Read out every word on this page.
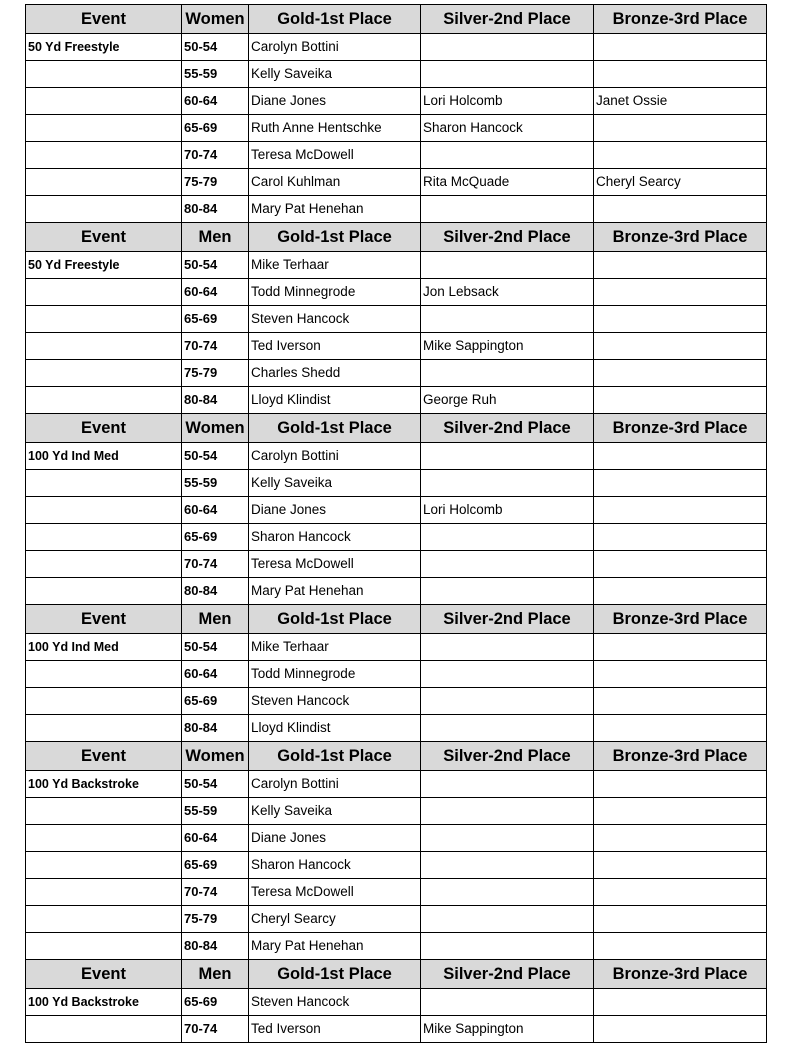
Event	Women	Gold-1st Place	Silver-2nd Place	Bronze-3rd Place
50 Yd Freestyle	50-54	Carolyn Bottini		
	55-59	Kelly Saveika		
	60-64	Diane Jones	Lori Holcomb	Janet Ossie
	65-69	Ruth Anne Hentschke	Sharon Hancock	
	70-74	Teresa McDowell		
	75-79	Carol Kuhlman	Rita McQuade	Cheryl Searcy
	80-84	Mary Pat Henehan		
Event	Men	Gold-1st Place	Silver-2nd Place	Bronze-3rd Place
50 Yd Freestyle	50-54	Mike Terhaar		
	60-64	Todd Minnegrode	Jon Lebsack	
	65-69	Steven Hancock		
	70-74	Ted Iverson	Mike Sappington	
	75-79	Charles Shedd		
	80-84	Lloyd Klindist	George Ruh	
Event	Women	Gold-1st Place	Silver-2nd Place	Bronze-3rd Place
100 Yd Ind Med	50-54	Carolyn Bottini		
	55-59	Kelly Saveika		
	60-64	Diane Jones	Lori Holcomb	
	65-69	Sharon Hancock		
	70-74	Teresa McDowell		
	80-84	Mary Pat Henehan		
Event	Men	Gold-1st Place	Silver-2nd Place	Bronze-3rd Place
100 Yd Ind Med	50-54	Mike Terhaar		
	60-64	Todd Minnegrode		
	65-69	Steven Hancock		
	80-84	Lloyd Klindist		
Event	Women	Gold-1st Place	Silver-2nd Place	Bronze-3rd Place
100 Yd Backstroke	50-54	Carolyn Bottini		
	55-59	Kelly Saveika		
	60-64	Diane Jones		
	65-69	Sharon Hancock		
	70-74	Teresa McDowell		
	75-79	Cheryl Searcy		
	80-84	Mary Pat Henehan		
Event	Men	Gold-1st Place	Silver-2nd Place	Bronze-3rd Place
100 Yd Backstroke	65-69	Steven Hancock		
	70-74	Ted Iverson	Mike Sappington	
